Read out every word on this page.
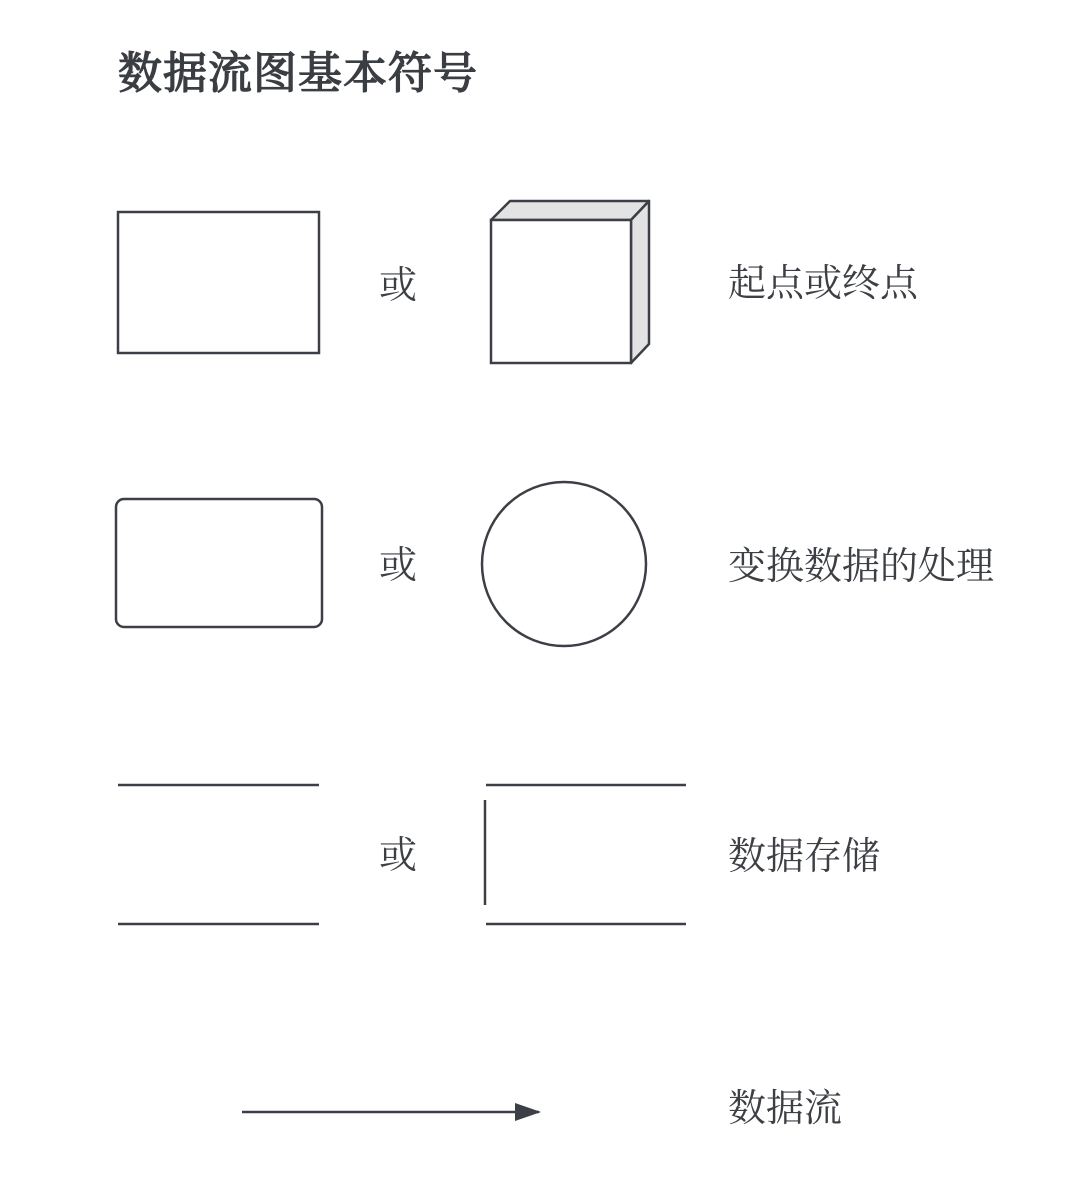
数据流图基本符号
或
或
或
起点或终点
变换数据的处理
数据存储
数据流
